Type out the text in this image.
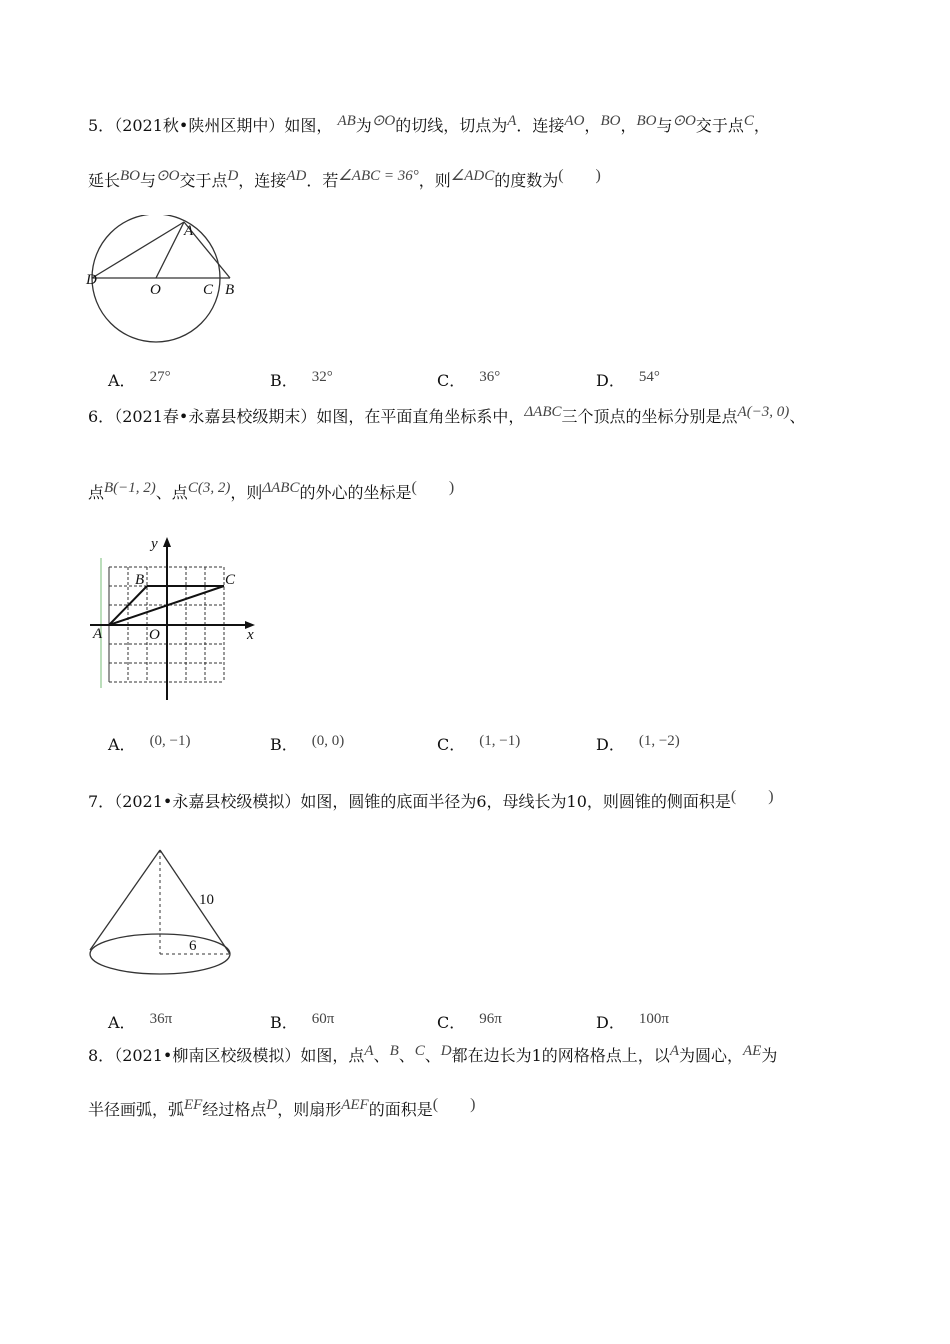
5．（2021秋•陕州区期中）如图， AB为⊙O的切线，切点为A．连接AO，BO，BO与⊙O交于点C，
延长BO与⊙O交于点D，连接AD．若∠ABC = 36°，则∠ADC的度数为(　　)
A
D
O	C B
A． 27°	B． 32°	C． 36°	D． 54°
6．（2021春•永嘉县校级期末）如图，在平面直角坐标系中，ΔABC三个顶点的坐标分别是点A(−3, 0)、
点B(−1, 2)、点C(3, 2)，则ΔABC的外心的坐标是(　　)
A
B	C
O	x
y
A． (0, −1)	B． (0, 0)	C． (1, −1)	D． (1, −2)
7．（2021•永嘉县校级模拟）如图，圆锥的底面半径为6，母线长为10，则圆锥的侧面积是(　　)
10
6
A． 36π	B． 60π	C． 96π	D． 100π
8．（2021•柳南区校级模拟）如图，点A、B、C、D都在边长为1的网格格点上，以A为圆心，AE为
半径画弧，弧EF经过格点D，则扇形AEF的面积是(　　)
